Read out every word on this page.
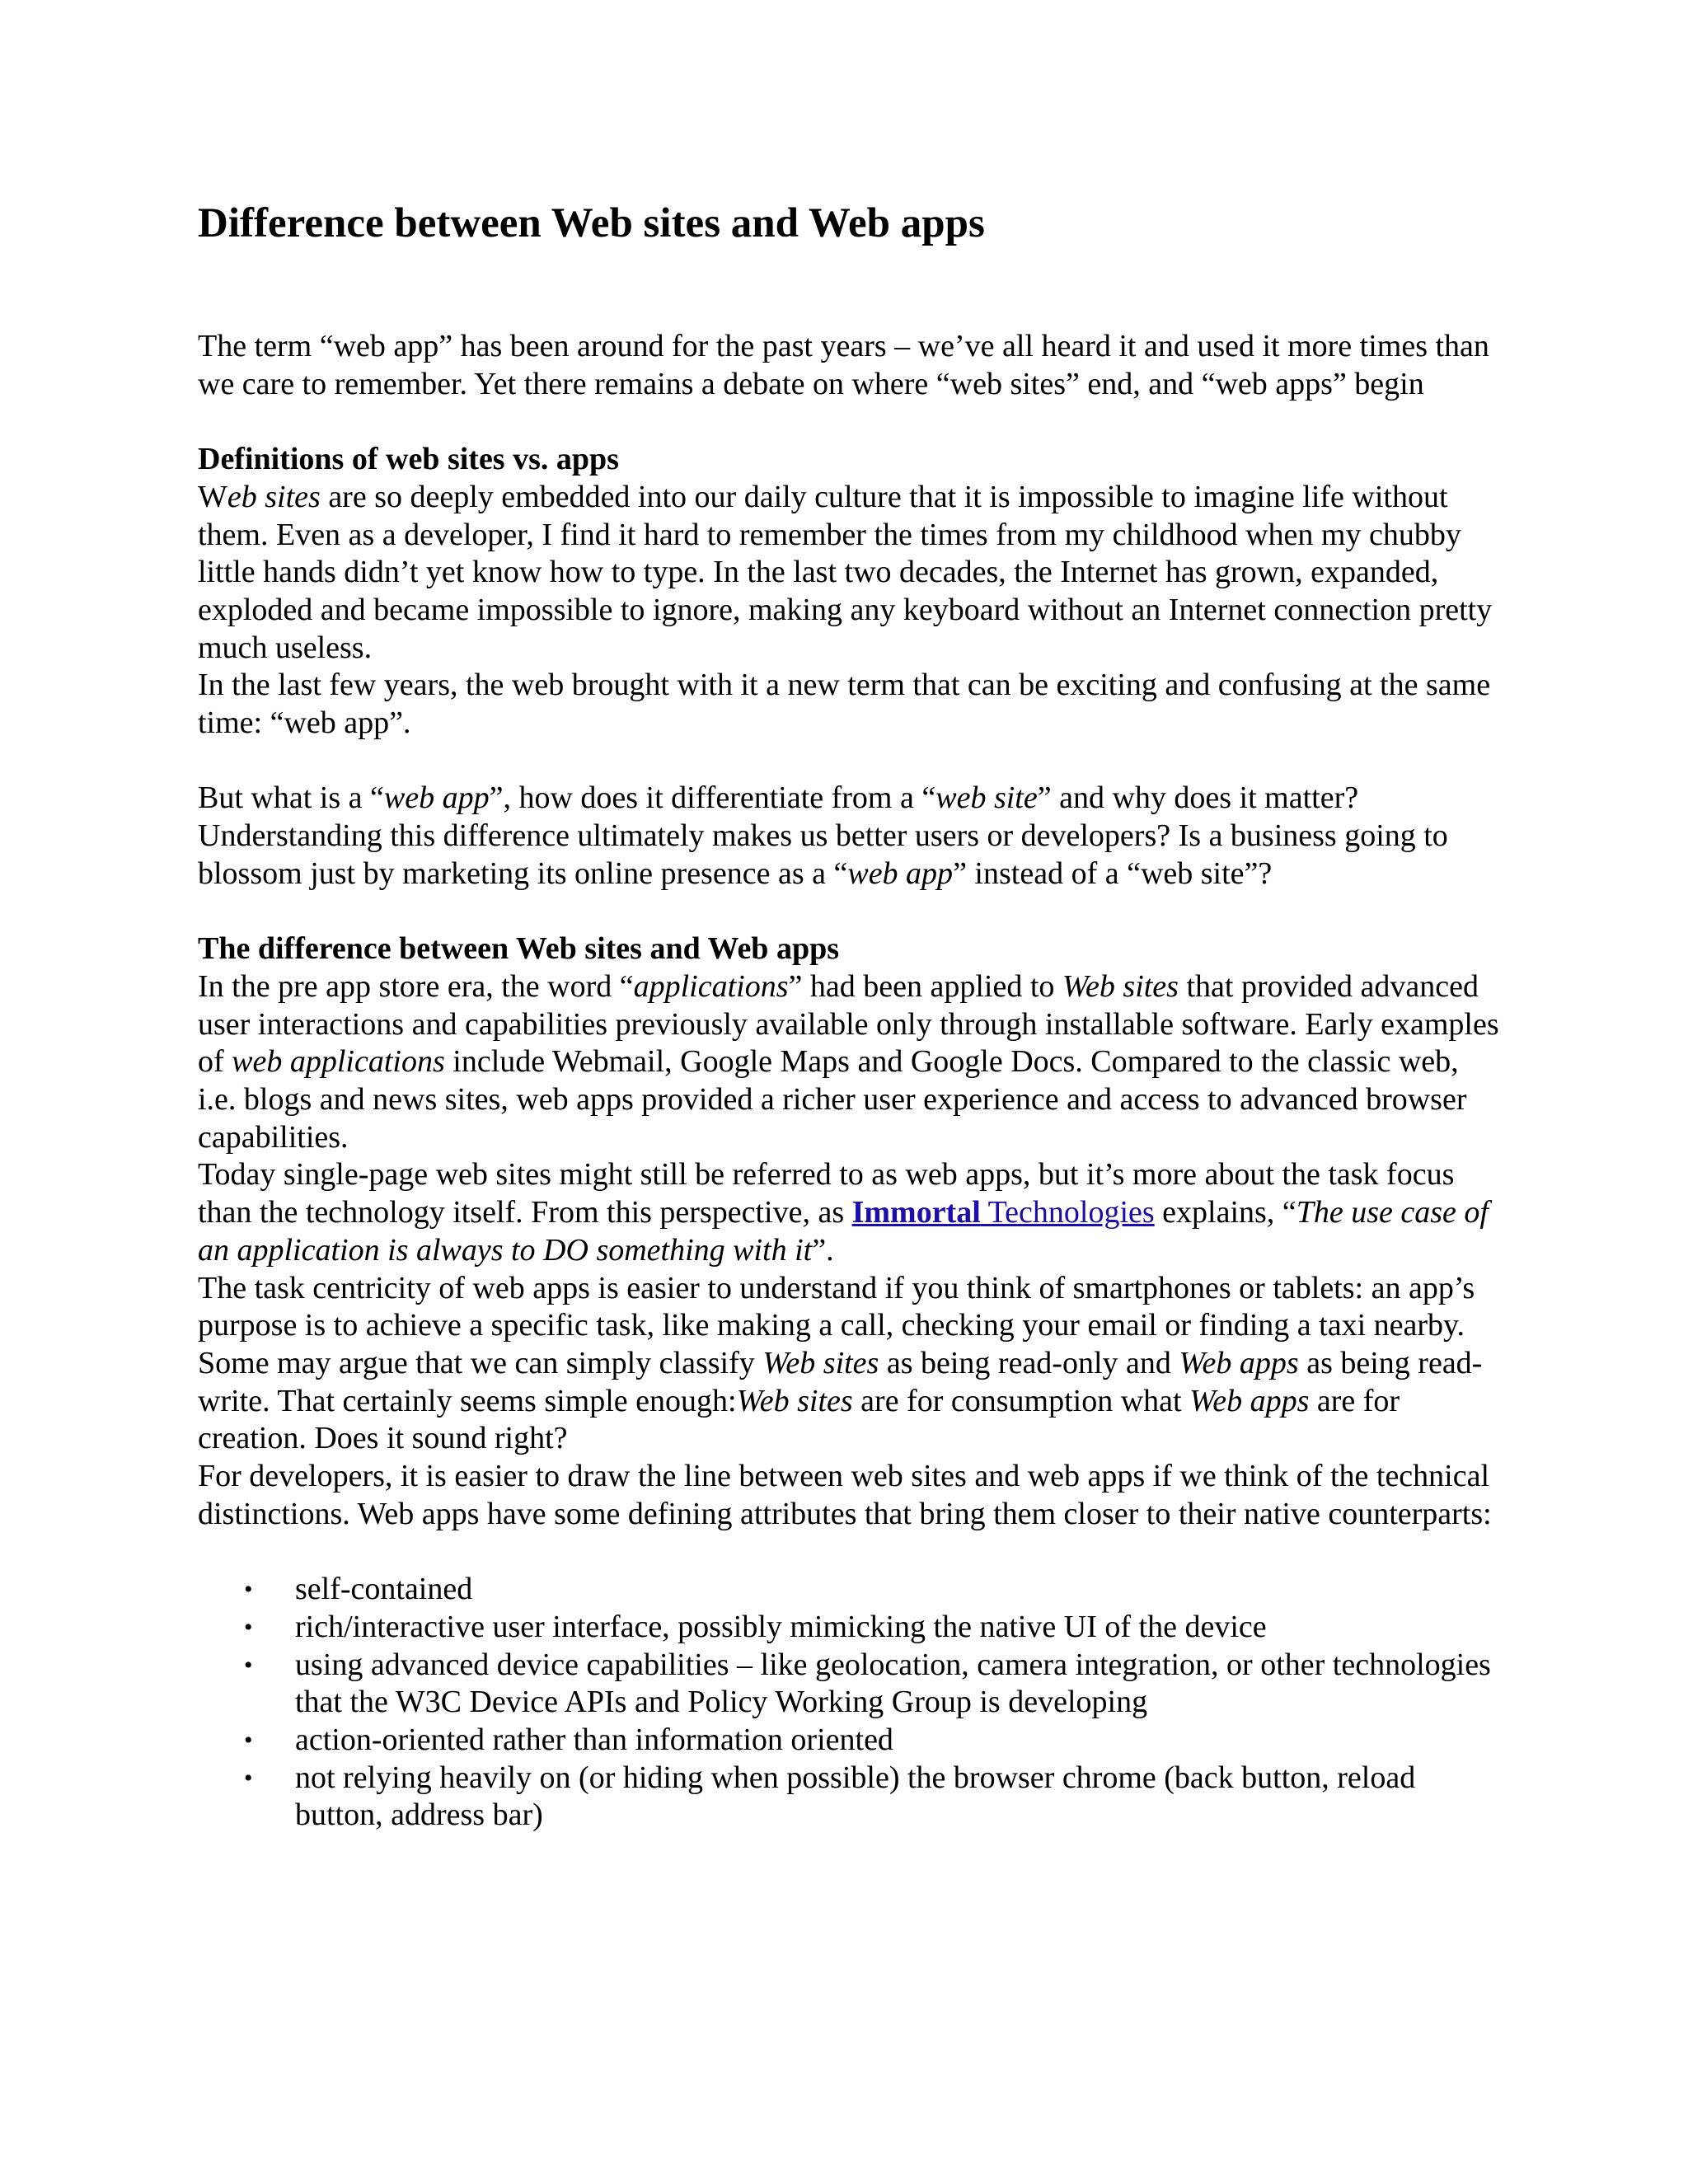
Difference between Web sites and Web apps

The term “web app” has been around for the past years – we’ve all heard it and used it more times than we care to remember. Yet there remains a debate on where “web sites” end, and “web apps” begin

Definitions of web sites vs. apps

Web sites are so deeply embedded into our daily culture that it is impossible to imagine life without them. Even as a developer, I find it hard to remember the times from my childhood when my chubby little hands didn’t yet know how to type. In the last two decades, the Internet has grown, expanded, exploded and became impossible to ignore, making any keyboard without an Internet connection pretty much useless.

In the last few years, the web brought with it a new term that can be exciting and confusing at the same time: “web app”.

But what is a “web app”, how does it differentiate from a “web site” and why does it matter? Understanding this difference ultimately makes us better users or developers? Is a business going to blossom just by marketing its online presence as a “web app” instead of a “web site”?

The difference between Web sites and Web apps

In the pre app store era, the word “applications” had been applied to Web sites that provided advanced user interactions and capabilities previously available only through installable software. Early examples of web applications include Webmail, Google Maps and Google Docs. Compared to the classic web, i.e. blogs and news sites, web apps provided a richer user experience and access to advanced browser capabilities.

Today single-page web sites might still be referred to as web apps, but it’s more about the task focus than the technology itself. From this perspective, as Immortal Technologies explains, “The use case of an application is always to DO something with it”.

The task centricity of web apps is easier to understand if you think of smartphones or tablets: an app’s purpose is to achieve a specific task, like making a call, checking your email or finding a taxi nearby.

Some may argue that we can simply classify Web sites as being read-only and Web apps as being read-write. That certainly seems simple enough:Web sites are for consumption what Web apps are for creation. Does it sound right?

For developers, it is easier to draw the line between web sites and web apps if we think of the technical distinctions. Web apps have some defining attributes that bring them closer to their native counterparts:

• self-contained
• rich/interactive user interface, possibly mimicking the native UI of the device
• using advanced device capabilities – like geolocation, camera integration, or other technologies that the W3C Device APIs and Policy Working Group is developing
• action-oriented rather than information oriented
• not relying heavily on (or hiding when possible) the browser chrome (back button, reload button, address bar)
